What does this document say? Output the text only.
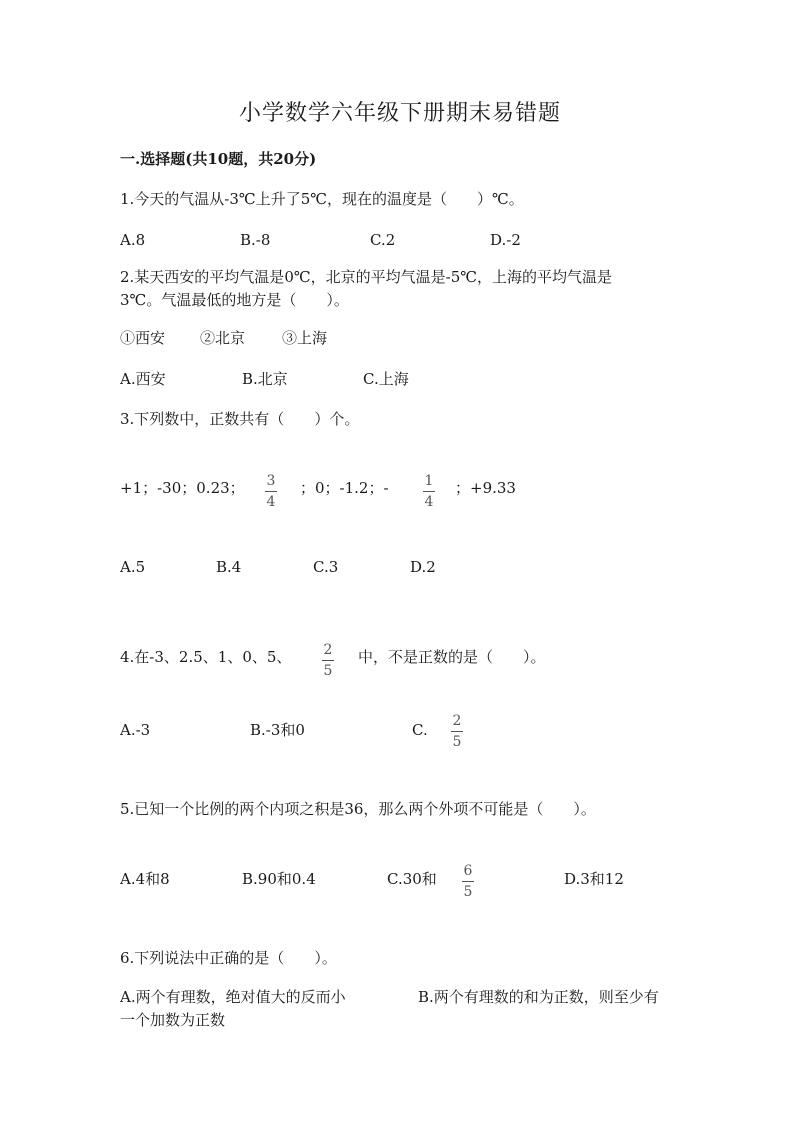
小学数学六年级下册期末易错题
一.选择题(共10题，共20分)
1.今天的气温从-3℃上升了5℃，现在的温度是（　　）℃。
A.8	B.-8	C.2	D.-2
2.某天西安的平均气温是0℃，北京的平均气温是-5℃，上海的平均气温是
3℃。气温最低的地方是（　　）。
①西安 ②北京 ③上海
A.西安	B.北京	C.上海
3.下列数中，正数共有（　　）个。
+1；-30；0.23； 3
4
；0；-1.2；-	1
4
；+9.33
A.5	B.4	C.3	D.2
4.在-3、2.5、1、0、5、 2
5
中，不是正数的是（　　）。
A.-3	B.-3和0	C. 2
5
5.已知一个比例的两个内项之积是36，那么两个外项不可能是（　　）。
A.4和8	B.90和0.4	C.30和 6
5
D.3和12
6.下列说法中正确的是（　　）。
A.两个有理数，绝对值大的反而小	B.两个有理数的和为正数，则至少有
一个加数为正数
